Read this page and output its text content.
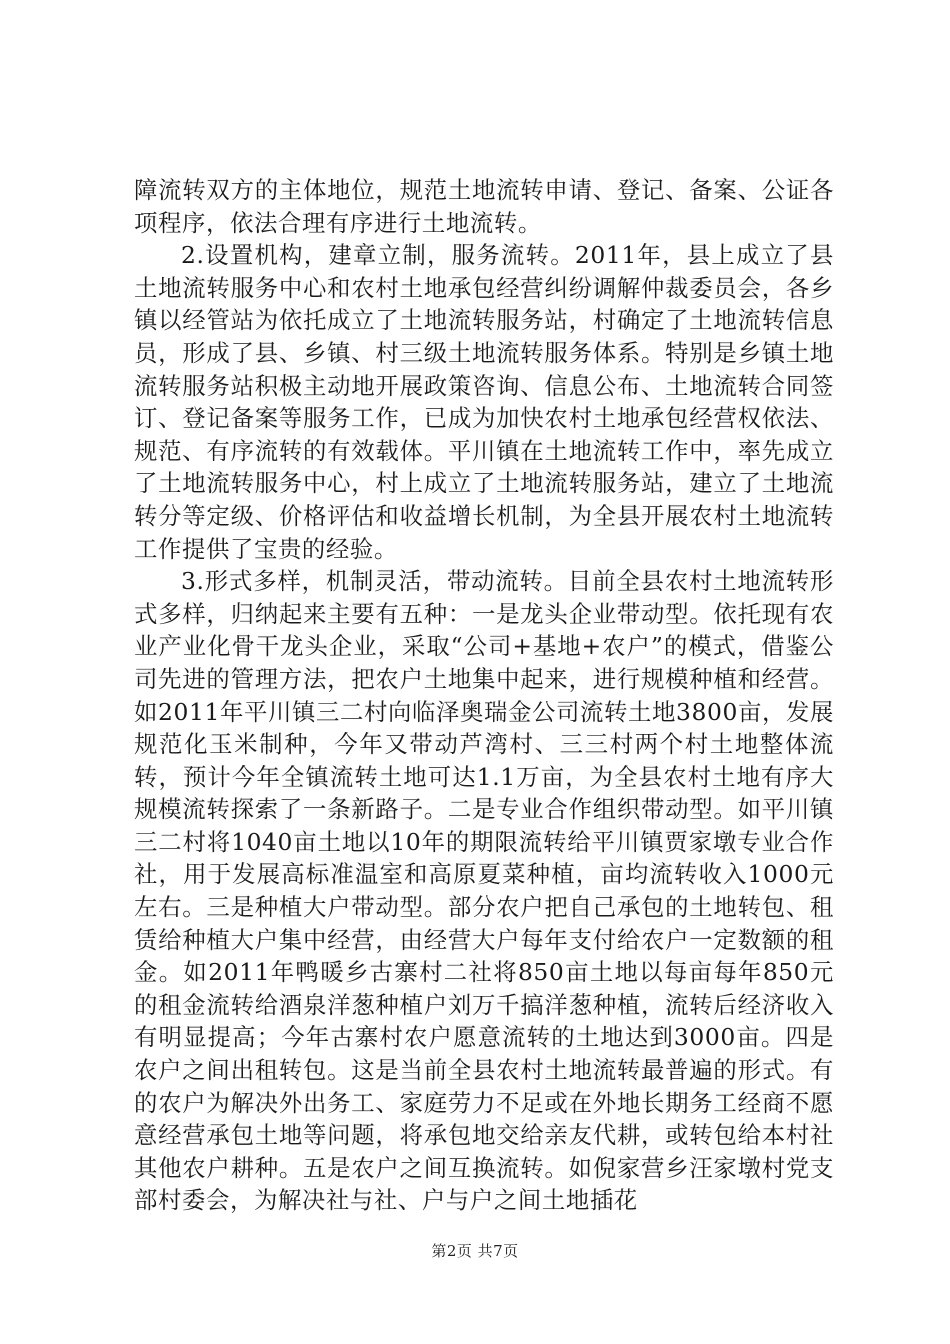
障流转双方的主体地位，规范土地流转申请、登记、备案、公证各项程序，依法合理有序进行土地流转。

2.设置机构，建章立制，服务流转。2011年，县上成立了县土地流转服务中心和农村土地承包经营纠纷调解仲裁委员会，各乡镇以经管站为依托成立了土地流转服务站，村确定了土地流转信息员，形成了县、乡镇、村三级土地流转服务体系。特别是乡镇土地流转服务站积极主动地开展政策咨询、信息公布、土地流转合同签订、登记备案等服务工作，已成为加快农村土地承包经营权依法、规范、有序流转的有效载体。平川镇在土地流转工作中，率先成立了土地流转服务中心，村上成立了土地流转服务站，建立了土地流转分等定级、价格评估和收益增长机制，为全县开展农村土地流转工作提供了宝贵的经验。

3.形式多样，机制灵活，带动流转。目前全县农村土地流转形式多样，归纳起来主要有五种：一是龙头企业带动型。依托现有农业产业化骨干龙头企业，采取“公司+基地+农户”的模式，借鉴公司先进的管理方法，把农户土地集中起来，进行规模种植和经营。如2011年平川镇三二村向临泽奥瑞金公司流转土地3800亩，发展规范化玉米制种，今年又带动芦湾村、三三村两个村土地整体流转，预计今年全镇流转土地可达1.1万亩，为全县农村土地有序大规模流转探索了一条新路子。二是专业合作组织带动型。如平川镇三二村将1040亩土地以10年的期限流转给平川镇贾家墩专业合作社，用于发展高标准温室和高原夏菜种植，亩均流转收入1000元左右。三是种植大户带动型。部分农户把自己承包的土地转包、租赁给种植大户集中经营，由经营大户每年支付给农户一定数额的租金。如2011年鸭暖乡古寨村二社将850亩土地以每亩每年850元的租金流转给酒泉洋葱种植户刘万千搞洋葱种植，流转后经济收入有明显提高；今年古寨村农户愿意流转的土地达到3000亩。四是农户之间出租转包。这是当前全县农村土地流转最普遍的形式。有的农户为解决外出务工、家庭劳力不足或在外地长期务工经商不愿意经营承包土地等问题，将承包地交给亲友代耕，或转包给本村社其他农户耕种。五是农户之间互换流转。如倪家营乡汪家墩村党支部村委会，为解决社与社、户与户之间土地插花

第2页 共7页
